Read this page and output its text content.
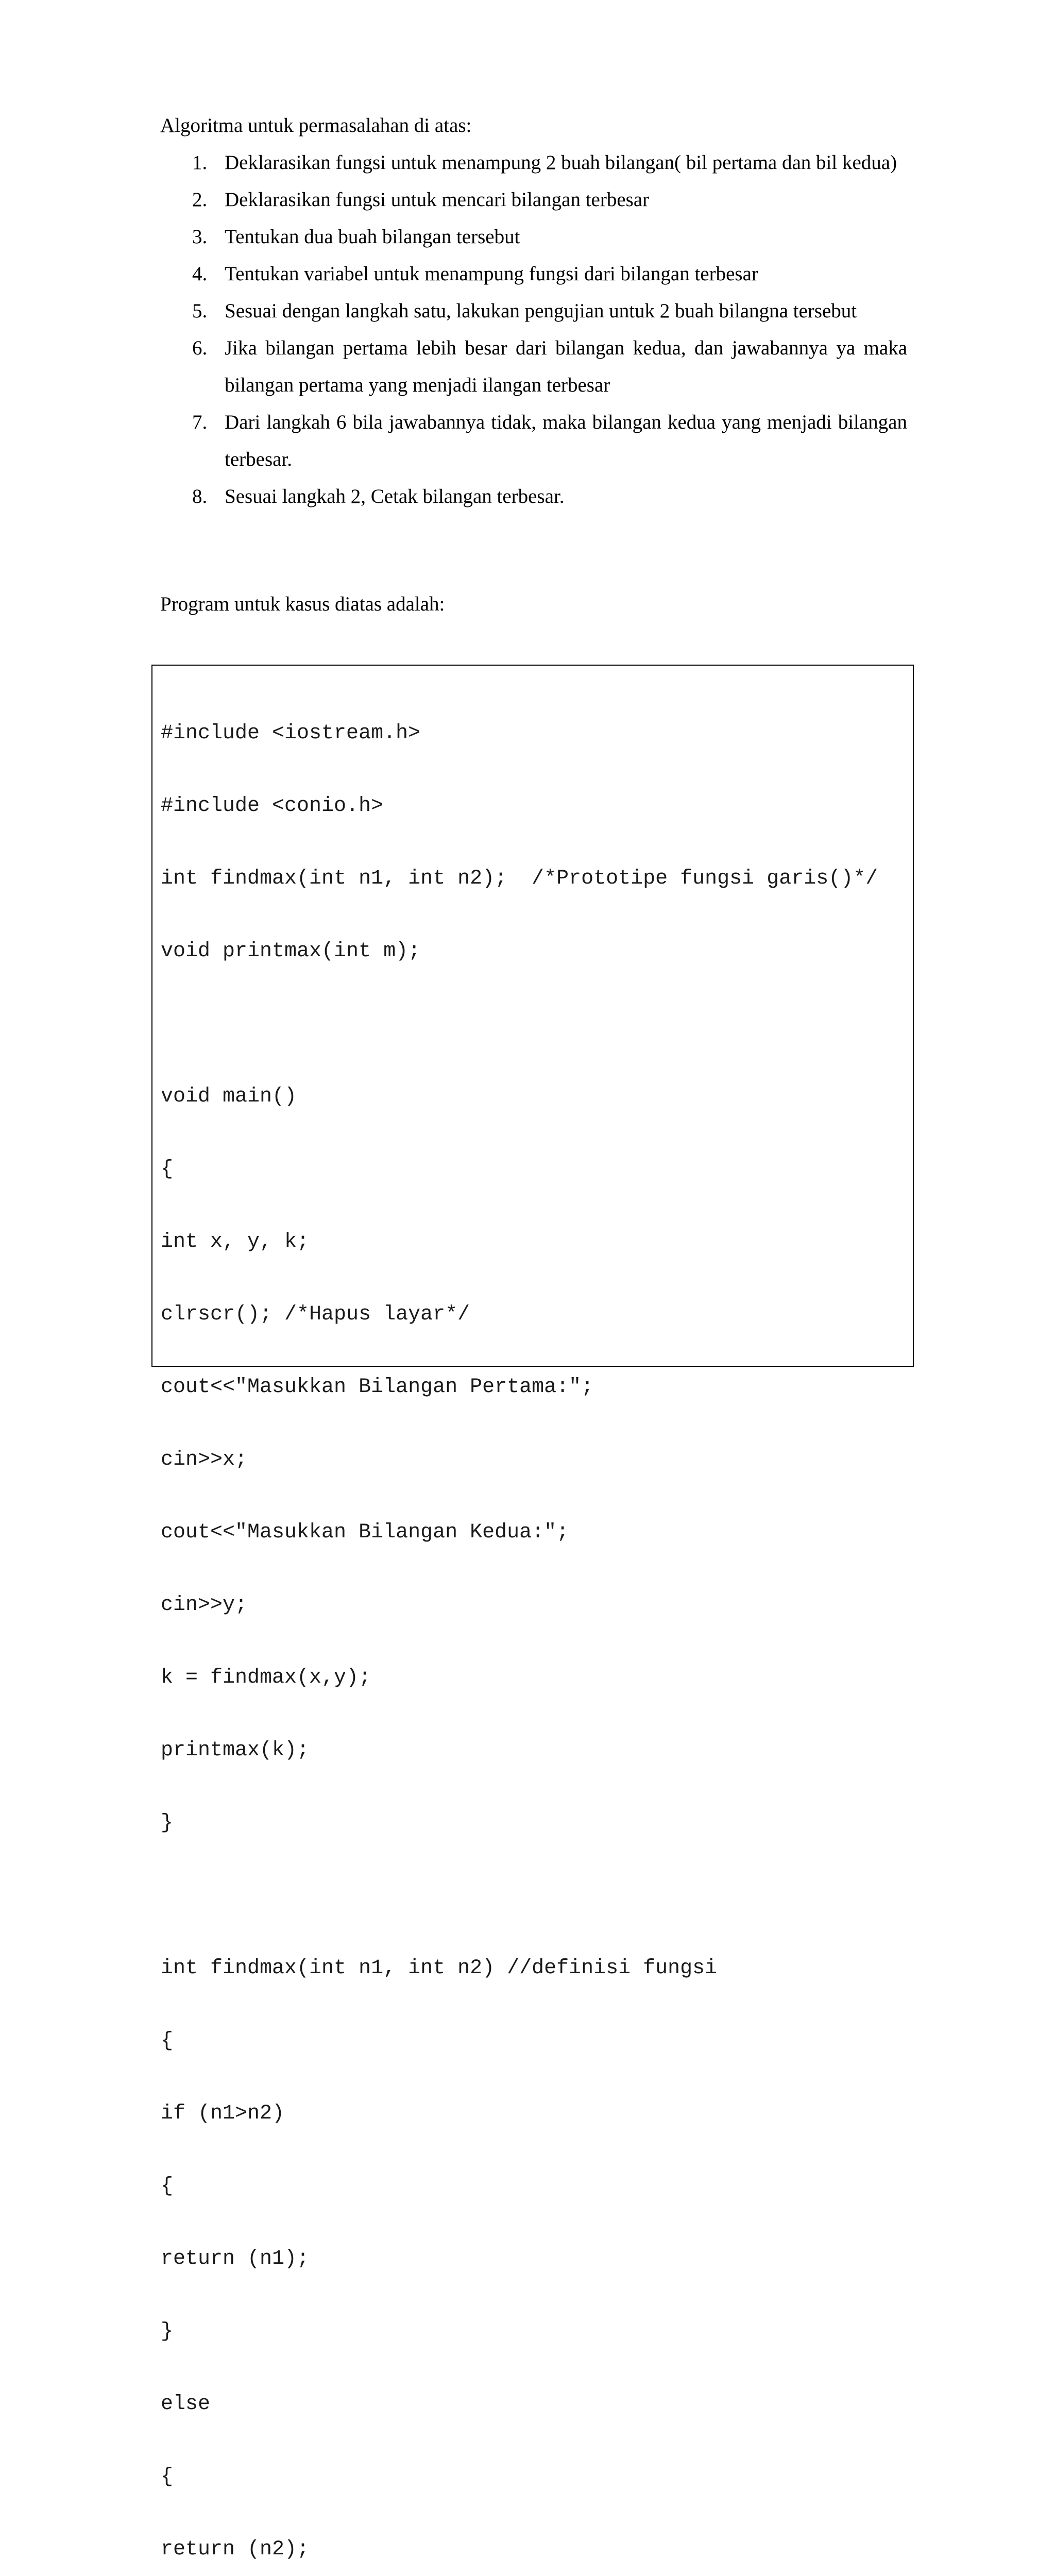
Algoritma untuk permasalahan di atas:

1. Deklarasikan fungsi untuk menampung 2 buah bilangan( bil pertama dan bil kedua)
2. Deklarasikan fungsi untuk mencari bilangan terbesar
3. Tentukan dua buah bilangan tersebut
4. Tentukan variabel untuk menampung fungsi dari bilangan terbesar
5. Sesuai dengan langkah satu, lakukan pengujian untuk 2 buah bilangna tersebut
6. Jika bilangan pertama lebih besar dari bilangan kedua, dan jawabannya ya maka bilangan pertama yang menjadi ilangan terbesar
7. Dari langkah 6 bila jawabannya tidak, maka bilangan kedua yang menjadi bilangan terbesar.
8. Sesuai langkah 2, Cetak bilangan terbesar.

Program untuk kasus diatas adalah:

#include <iostream.h>

#include <conio.h>

int findmax(int n1, int n2);  /*Prototipe fungsi garis()*/

void printmax(int m);

void main()

{

int x, y, k;

clrscr(); /*Hapus layar*/

cout<<"Masukkan Bilangan Pertama:";

cin>>x;

cout<<"Masukkan Bilangan Kedua:";

cin>>y;

k = findmax(x,y);

printmax(k);

}

int findmax(int n1, int n2) //definisi fungsi

{

if (n1>n2)

{

return (n1);

}

else

{

return (n2);
